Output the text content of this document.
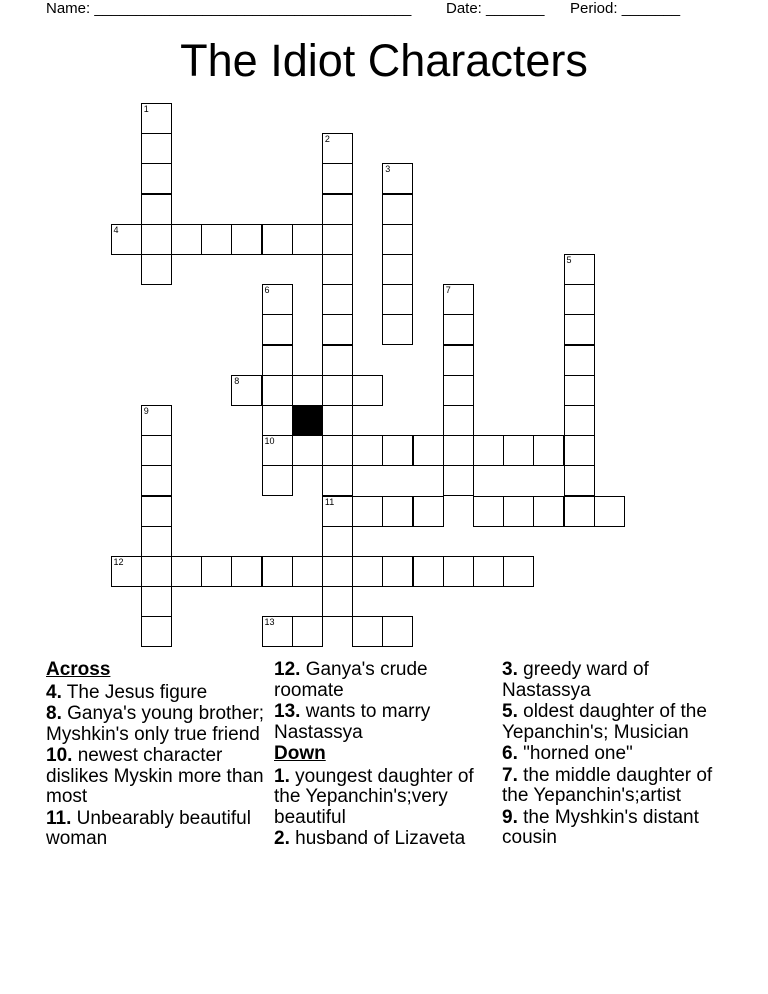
Name: ______________________________________ Date: _______ Period: _______
The Idiot Characters
1
2
3
4
5
6	7
8
9
10
11
12
13
Across
4. The Jesus figure
8. Ganya's young brother; Myshkin's only true friend
10. newest character dislikes Myskin more than most
11. Unbearably beautiful woman
12. Ganya's crude roomate
13. wants to marry Nastassya
Down
1. youngest daughter of the Yepanchin's;very beautiful
2. husband of Lizaveta
3. greedy ward of Nastassya
5. oldest daughter of the Yepanchin's; Musician
6. "horned one"
7. the middle daughter of the Yepanchin's;artist
9. the Myshkin's distant cousin
